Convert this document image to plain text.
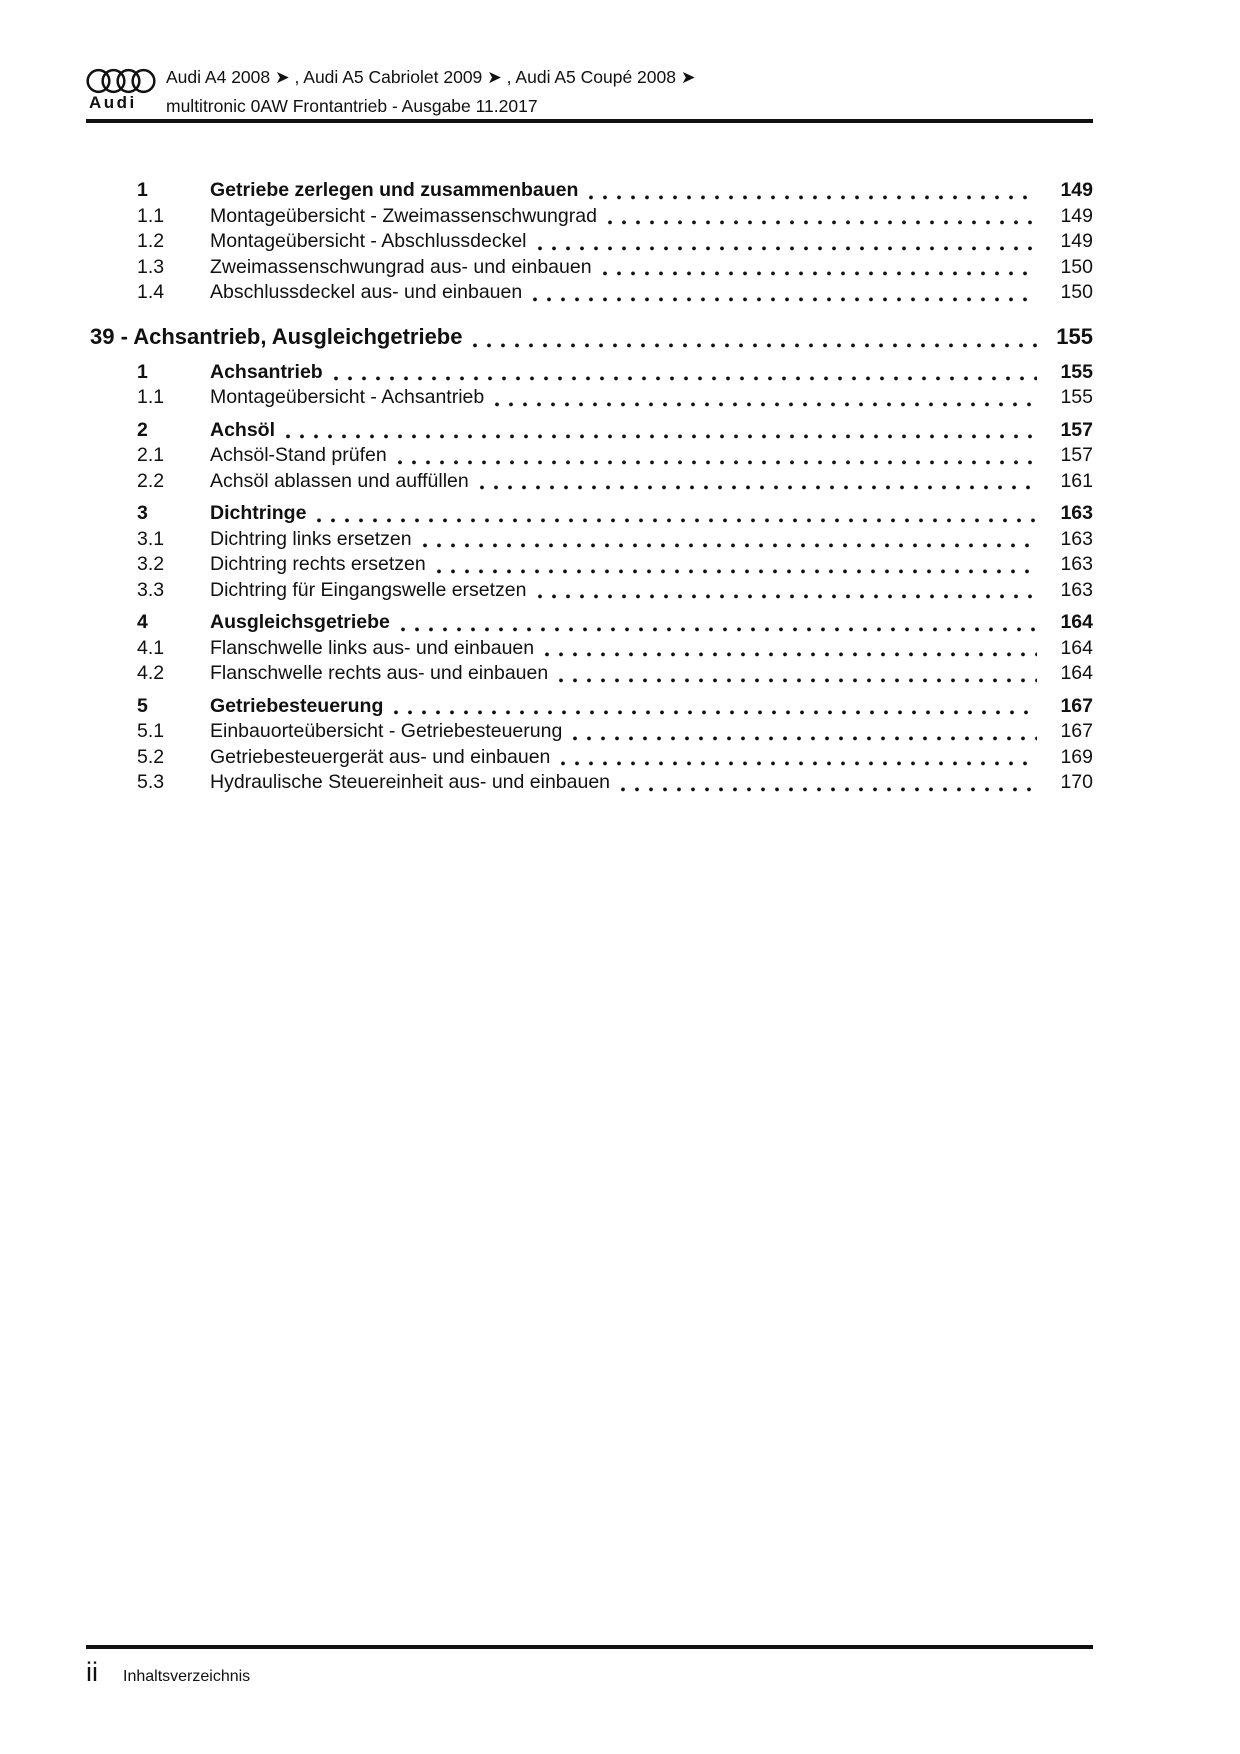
Audi
Audi A4 2008 ➤ , Audi A5 Cabriolet 2009 ➤ , Audi A5 Coupé 2008 ➤
multitronic 0AW Frontantrieb - Ausgabe 11.2017
1	Getriebe zerlegen und zusammenbauen	149
1.1	Montageübersicht - Zweimassenschwungrad	149
1.2	Montageübersicht - Abschlussdeckel	149
1.3	Zweimassenschwungrad aus- und einbauen	150
1.4	Abschlussdeckel aus- und einbauen	150
39 - Achsantrieb, Ausgleichgetriebe	155
1	Achsantrieb	155
1.1	Montageübersicht - Achsantrieb	155
2	Achsöl	157
2.1	Achsöl-Stand prüfen	157
2.2	Achsöl ablassen und auffüllen	161
3	Dichtringe	163
3.1	Dichtring links ersetzen	163
3.2	Dichtring rechts ersetzen	163
3.3	Dichtring für Eingangswelle ersetzen	163
4	Ausgleichsgetriebe	164
4.1	Flanschwelle links aus- und einbauen	164
4.2	Flanschwelle rechts aus- und einbauen	164
5	Getriebesteuerung	167
5.1	Einbauorteübersicht - Getriebesteuerung	167
5.2	Getriebesteuergerät aus- und einbauen	169
5.3	Hydraulische Steuereinheit aus- und einbauen	170
ii Inhaltsverzeichnis
